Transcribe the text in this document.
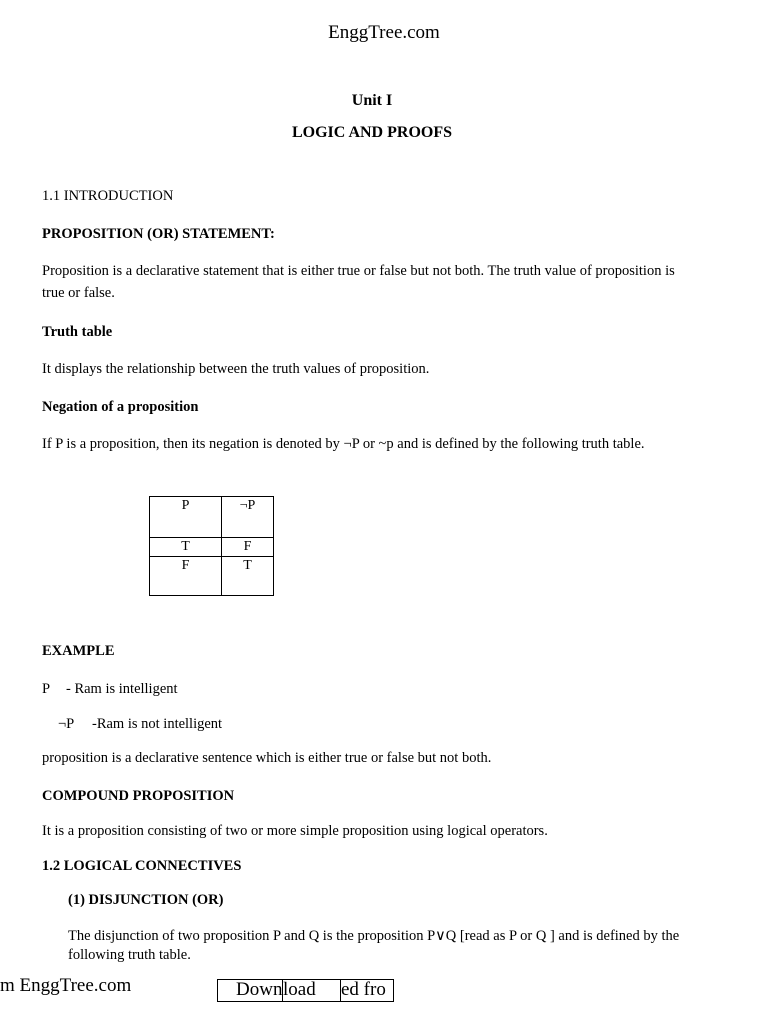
EnggTree.com
Unit I
LOGIC AND PROOFS
1.1 INTRODUCTION
PROPOSITION (OR) STATEMENT:
Proposition is a declarative statement that is either true or false but not both. The truth value of proposition is true or false.
Truth table
It displays the relationship between the truth values of proposition.
Negation of a proposition
If P is a proposition, then its negation is denoted by ¬P or ~p and is defined by the following truth table.
P	¬P
T	F
F	T
EXAMPLE
P - Ram is intelligent
¬P -Ram is not intelligent
proposition is a declarative sentence which is either true or false but not both.
COMPOUND PROPOSITION
It is a proposition consisting of two or more simple proposition using logical operators.
1.2 LOGICAL CONNECTIVES
(1) DISJUNCTION (OR)
The disjunction of two proposition P and Q is the proposition P∨Q [read as P or Q ] and is defined by the following truth table.
m EnggTree.com	Down load	ed fro
